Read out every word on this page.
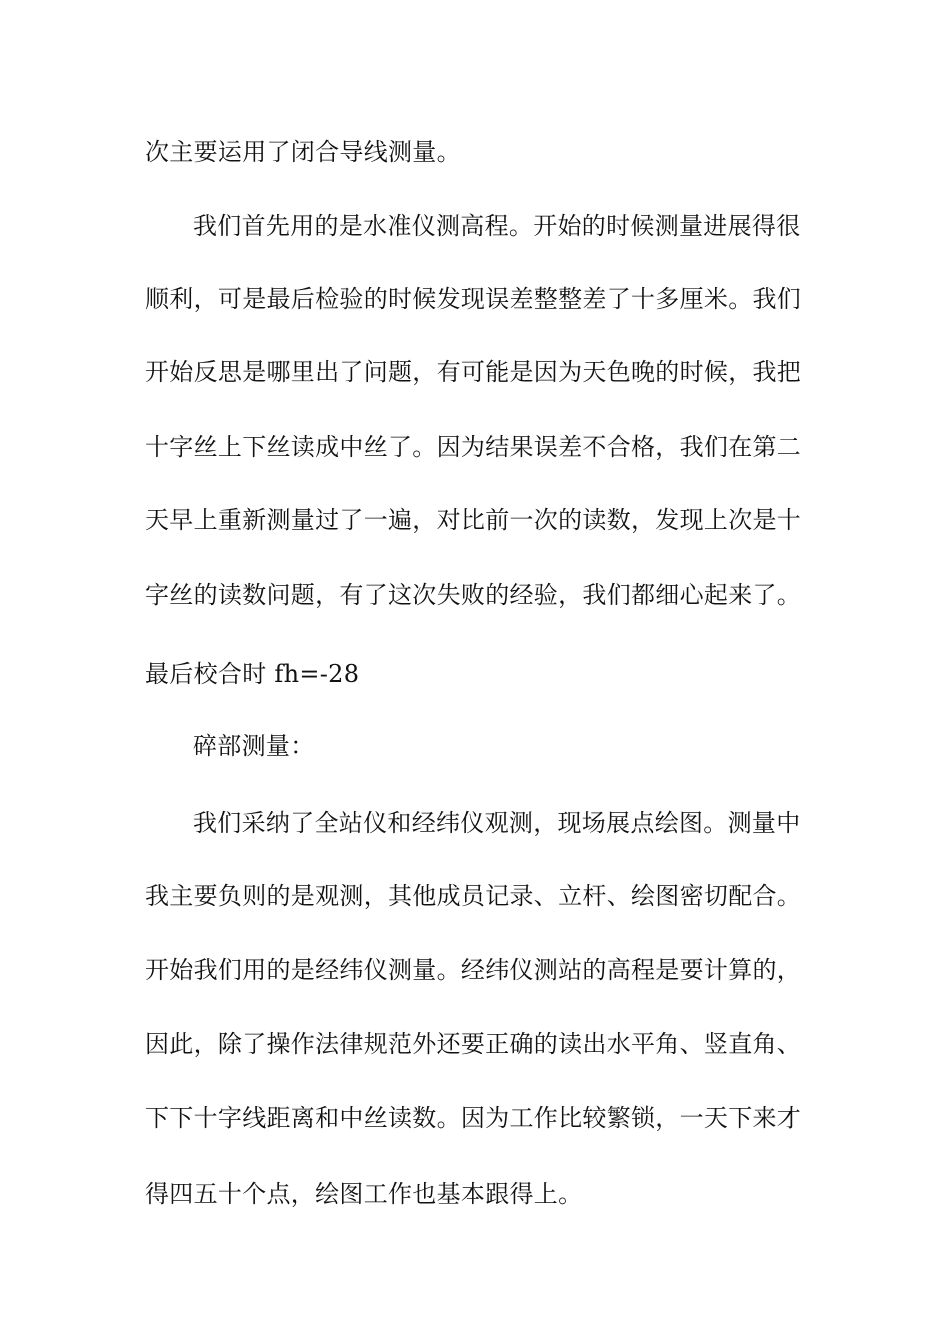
次主要运用了闭合导线测量。
我们首先用的是水准仪测高程。开始的时候测量进展得很
顺利，可是最后检验的时候发现误差整整差了十多厘米。我们
开始反思是哪里出了问题，有可能是因为天色晚的时候，我把
十字丝上下丝读成中丝了。因为结果误差不合格，我们在第二
天早上重新测量过了一遍，对比前一次的读数，发现上次是十
字丝的读数问题，有了这次失败的经验，我们都细心起来了。
最后校合时 fh=-28
碎部测量：
我们采纳了全站仪和经纬仪观测，现场展点绘图。测量中
我主要负则的是观测，其他成员记录、立杆、绘图密切配合。
开始我们用的是经纬仪测量。经纬仪测站的高程是要计算的，
因此，除了操作法律规范外还要正确的读出水平角、竖直角、
下下十字线距离和中丝读数。因为工作比较繁锁，一天下来才
得四五十个点，绘图工作也基本跟得上。
